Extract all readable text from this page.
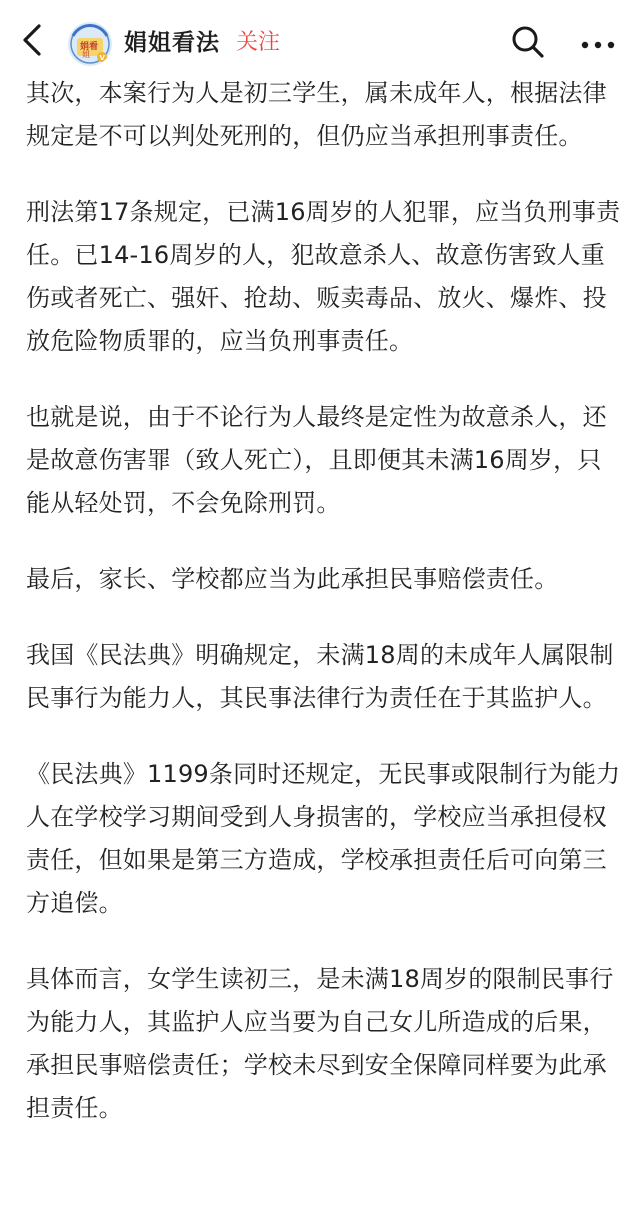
娟看
姐 V
娟姐看法 关注

其次，本案行为人是初三学生，属未成年人，根据法律规定是不可以判处死刑的，但仍应当承担刑事责任。

刑法第17条规定，已满16周岁的人犯罪，应当负刑事责任。已14-16周岁的人，犯故意杀人、故意伤害致人重伤或者死亡、强奸、抢劫、贩卖毒品、放火、爆炸、投放危险物质罪的，应当负刑事责任。

也就是说，由于不论行为人最终是定性为故意杀人，还是故意伤害罪（致人死亡），且即便其未满16周岁，只能从轻处罚，不会免除刑罚。

最后，家长、学校都应当为此承担民事赔偿责任。

我国《民法典》明确规定，未满18周的未成年人属限制民事行为能力人，其民事法律行为责任在于其监护人。

《民法典》1199条同时还规定，无民事或限制行为能力人在学校学习期间受到人身损害的，学校应当承担侵权责任，但如果是第三方造成，学校承担责任后可向第三方追偿。

具体而言，女学生读初三，是未满18周岁的限制民事行为能力人，其监护人应当要为自己女儿所造成的后果，承担民事赔偿责任；学校未尽到安全保障同样要为此承担责任。
